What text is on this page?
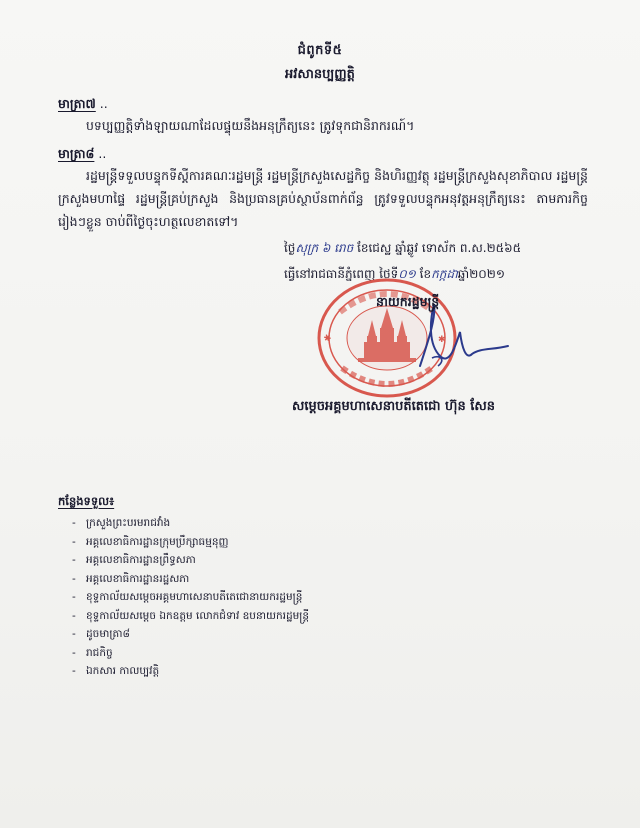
ជំពូកទី៥
អវសានប្បញ្ញត្តិ
មាត្រា៧ ..
បទប្បញ្ញត្តិទាំងឡាយណាដែលផ្ទុយនឹងអនុក្រឹត្យនេះ ត្រូវទុកជានិរាករណ៍។
មាត្រា៨ ..
រដ្ឋមន្ត្រីទទួលបន្ទុកទីស្តីការគណៈរដ្ឋមន្ត្រី រដ្ឋមន្ត្រីក្រសួងសេដ្ឋកិច្ច និងហិរញ្ញវត្ថុ រដ្ឋមន្ត្រីក្រសួងសុខាភិបាល រដ្ឋមន្ត្រីក្រសួងមហាផ្ទៃ រដ្ឋមន្ត្រីគ្រប់ក្រសួង និងប្រធានគ្រប់ស្ថាប័នពាក់ព័ន្ធ ត្រូវទទួលបន្ទុកអនុវត្តអនុក្រឹត្យនេះ តាមភារកិច្ចរៀងៗខ្លួន ចាប់ពីថ្ងៃចុះហត្ថលេខាតទៅ។
ថ្ងៃសុក្រ ៦ រោច ខែជេស្ឋ ឆ្នាំឆ្លូវ ទោស័ក ព.ស.២៥៦៥
ធ្វើនៅរាជធានីភ្នំពេញ ថ្ងៃទី០១ ខែកក្កដាឆ្នាំ២០២១
✱	✱
នាយករដ្ឋមន្ត្រី
សម្តេចអគ្គមហាសេនាបតីតេជោ ហ៊ុន សែន
កន្លែងទទួល៖
- ក្រសួងព្រះបរមរាជវាំង
- អគ្គលេខាធិការដ្ឋានក្រុមប្រឹក្សាធម្មនុញ្ញ
- អគ្គលេខាធិការដ្ឋានព្រឹទ្ធសភា
- អគ្គលេខាធិការដ្ឋានរដ្ឋសភា
- ខុទ្ទកាល័យសម្តេចអគ្គមហាសេនាបតីតេជោនាយករដ្ឋមន្ត្រី
- ខុទ្ទកាល័យសម្តេច ឯកឧត្តម លោកជំទាវ ឧបនាយករដ្ឋមន្ត្រី
- ដូចមាត្រា៨
- រាជកិច្ច
- ឯកសារ កាលប្បវត្តិ
